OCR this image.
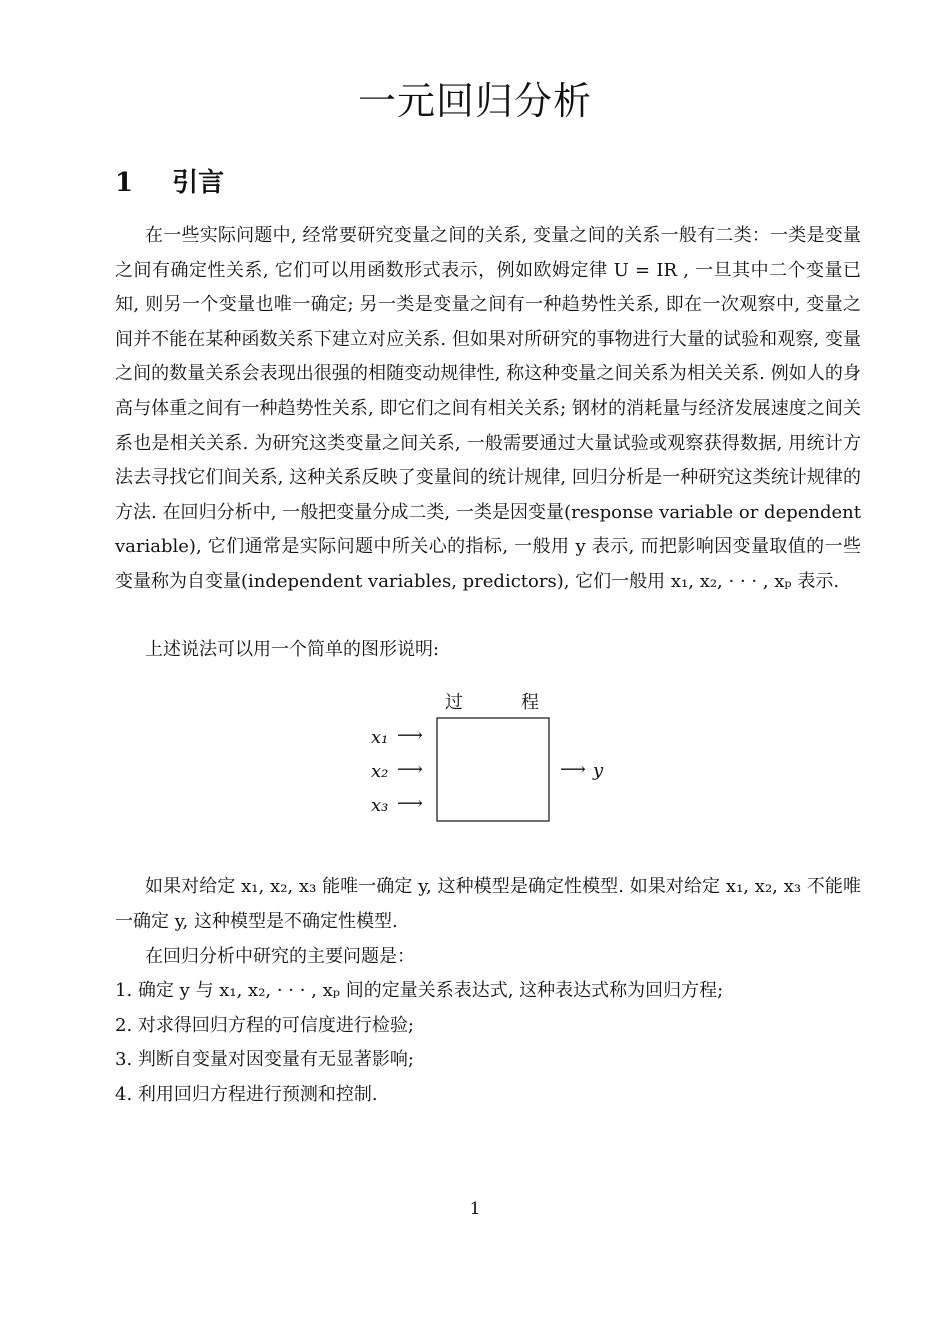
一元回归分析
1 引言

在一些实际问题中, 经常要研究变量之间的关系, 变量之间的关系一般有二类：一类是变量之间有确定性关系, 它们可以用函数形式表示，例如欧姆定律 U = IR , 一旦其中二个变量已知, 则另一个变量也唯一确定; 另一类是变量之间有一种趋势性关系, 即在一次观察中, 变量之间并不能在某种函数关系下建立对应关系. 但如果对所研究的事物进行大量的试验和观察, 变量之间的数量关系会表现出很强的相随变动规律性, 称这种变量之间关系为相关关系. 例如人的身高与体重之间有一种趋势性关系, 即它们之间有相关关系; 钢材的消耗量与经济发展速度之间关系也是相关关系. 为研究这类变量之间关系, 一般需要通过大量试验或观察获得数据, 用统计方法去寻找它们间关系, 这种关系反映了变量间的统计规律, 回归分析是一种研究这类统计规律的方法. 在回归分析中, 一般把变量分成二类, 一类是因变量(response variable or dependent variable), 它们通常是实际问题中所关心的指标, 一般用 y 表示, 而把影响因变量取值的一些变量称为自变量(independent variables, predictors), 它们一般用 x₁, x₂, · · · , xₚ 表示.

上述说法可以用一个简单的图形说明:

过	程
x₁ ⟶
x₂ ⟶
x₃ ⟶
⟶ y

如果对给定 x₁, x₂, x₃ 能唯一确定 y, 这种模型是确定性模型. 如果对给定 x₁, x₂, x₃ 不能唯一确定 y, 这种模型是不确定性模型.

在回归分析中研究的主要问题是：

1. 确定 y 与 x₁, x₂, · · · , xₚ 间的定量关系表达式, 这种表达式称为回归方程;

2. 对求得回归方程的可信度进行检验;

3. 判断自变量对因变量有无显著影响;

4. 利用回归方程进行预测和控制.

1
